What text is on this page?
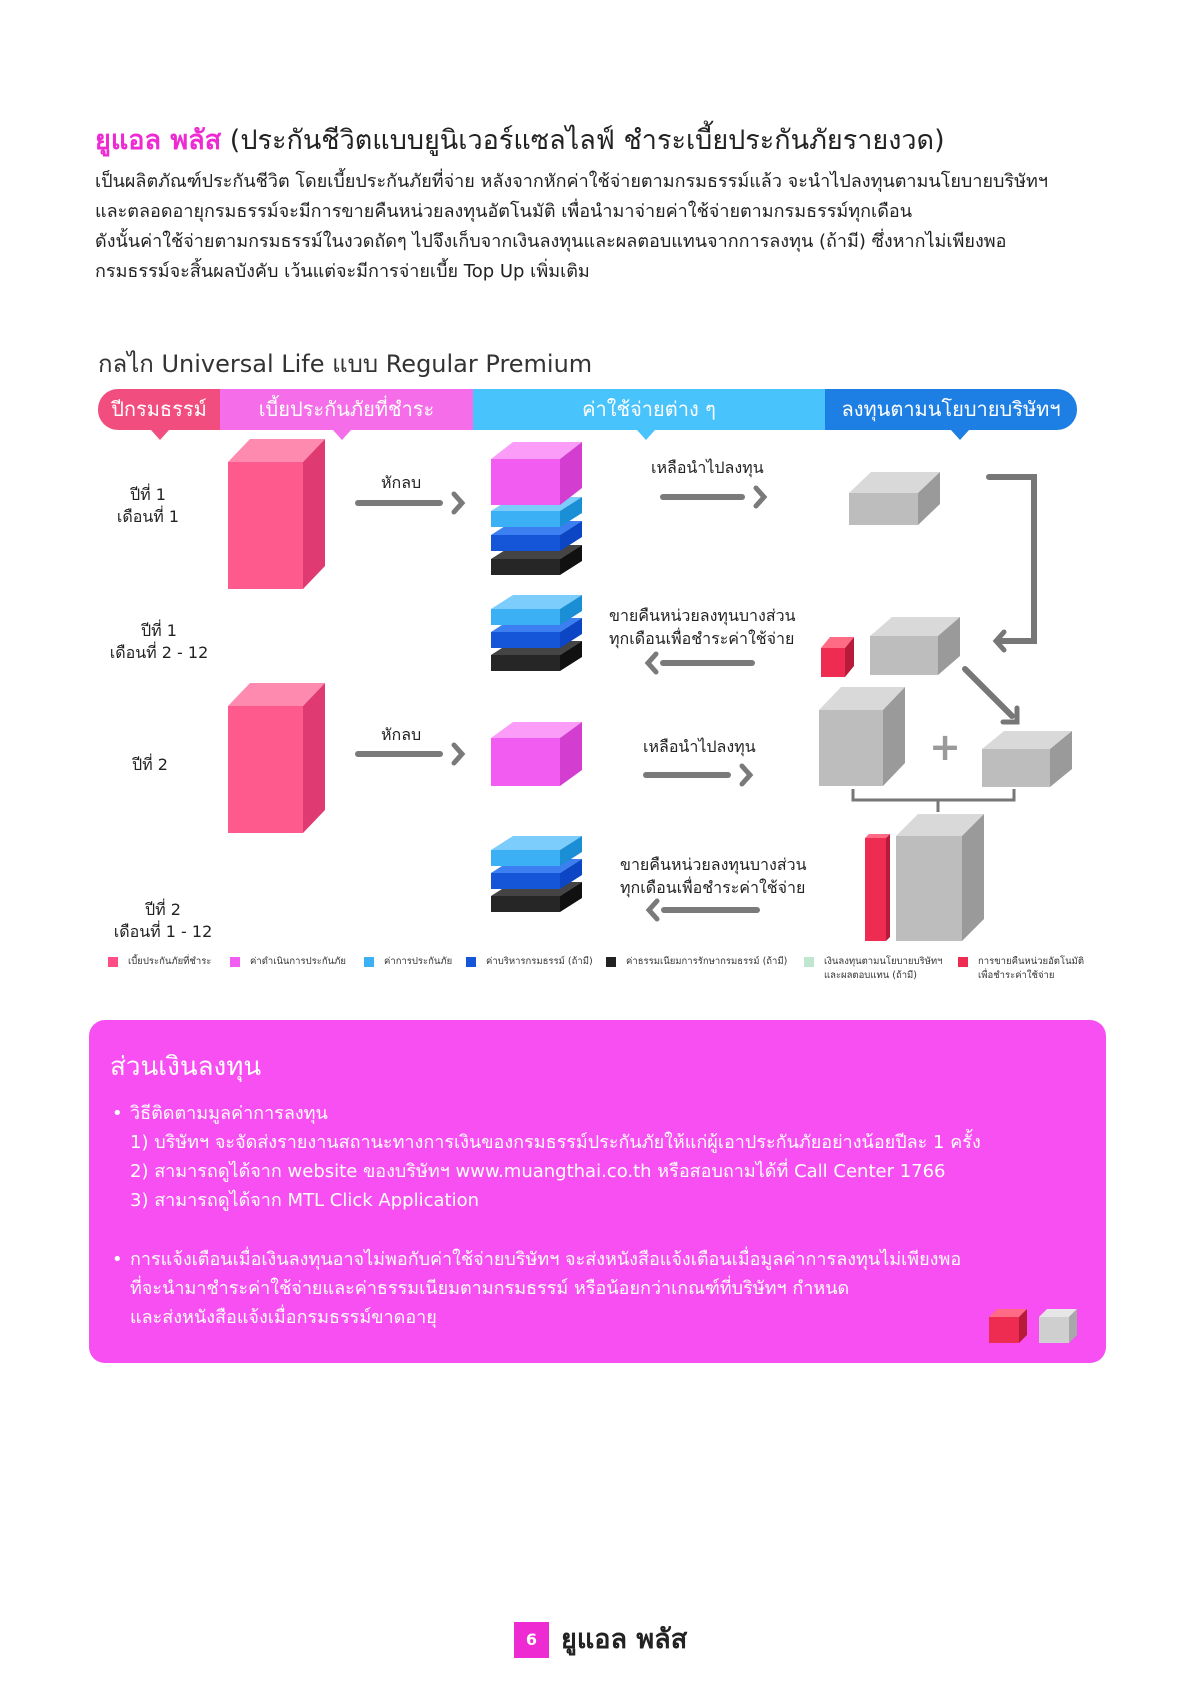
ยูแอล พลัส (ประกันชีวิตแบบยูนิเวอร์แซลไลฟ์ ชำระเบี้ยประกันภัยรายงวด)
เป็นผลิตภัณฑ์ประกันชีวิต โดยเบี้ยประกันภัยที่จ่าย หลังจากหักค่าใช้จ่ายตามกรมธรรม์แล้ว จะนำไปลงทุนตามนโยบายบริษัทฯ
และตลอดอายุกรมธรรม์จะมีการขายคืนหน่วยลงทุนอัตโนมัติ เพื่อนำมาจ่ายค่าใช้จ่ายตามกรมธรรม์ทุกเดือน
ดังนั้นค่าใช้จ่ายตามกรมธรรม์ในงวดถัดๆ ไปจึงเก็บจากเงินลงทุนและผลตอบแทนจากการลงทุน (ถ้ามี) ซึ่งหากไม่เพียงพอ
กรมธรรม์จะสิ้นผลบังคับ เว้นแต่จะมีการจ่ายเบี้ย Top Up เพิ่มเติม
กลไก Universal Life แบบ Regular Premium
ปีกรมธรรม์	เบี้ยประกันภัยที่ชำระ	ค่าใช้จ่ายต่าง ๆ	ลงทุนตามนโยบายบริษัทฯ
ปีที่ 1
เดือนที่ 1
ปีที่ 1
เดือนที่ 2 - 12
ปีที่ 2
ปีที่ 2
เดือนที่ 1 - 12
หักลบ
หักลบ
เหลือนำไปลงทุน
เหลือนำไปลงทุน
ขายคืนหน่วยลงทุนบางส่วน
ทุกเดือนเพื่อชำระค่าใช้จ่าย
ขายคืนหน่วยลงทุนบางส่วน
ทุกเดือนเพื่อชำระค่าใช้จ่าย
+
เบี้ยประกันภัยที่ชำระ	ค่าดำเนินการประกันภัย	ค่าการประกันภัย	ค่าบริหารกรมธรรม์ (ถ้ามี)	ค่าธรรมเนียมการรักษากรมธรรม์ (ถ้ามี)	เงินลงทุนตามนโยบายบริษัทฯ
และผลตอบแทน (ถ้ามี)
การขายคืนหน่วยอัตโนมัติ
เพื่อชำระค่าใช้จ่าย
ส่วนเงินลงทุน
• วิธีติดตามมูลค่าการลงทุน
1) บริษัทฯ จะจัดส่งรายงานสถานะทางการเงินของกรมธรรม์ประกันภัยให้แก่ผู้เอาประกันภัยอย่างน้อยปีละ 1 ครั้ง
2) สามารถดูได้จาก website ของบริษัทฯ www.muangthai.co.th หรือสอบถามได้ที่ Call Center 1766
3) สามารถดูได้จาก MTL Click Application
• การแจ้งเตือนเมื่อเงินลงทุนอาจไม่พอกับค่าใช้จ่ายบริษัทฯ จะส่งหนังสือแจ้งเตือนเมื่อมูลค่าการลงทุนไม่เพียงพอ
ที่จะนำมาชำระค่าใช้จ่ายและค่าธรรมเนียมตามกรมธรรม์ หรือน้อยกว่าเกณฑ์ที่บริษัทฯ กำหนด
และส่งหนังสือแจ้งเมื่อกรมธรรม์ขาดอายุ
6 ยูแอล พลัส
